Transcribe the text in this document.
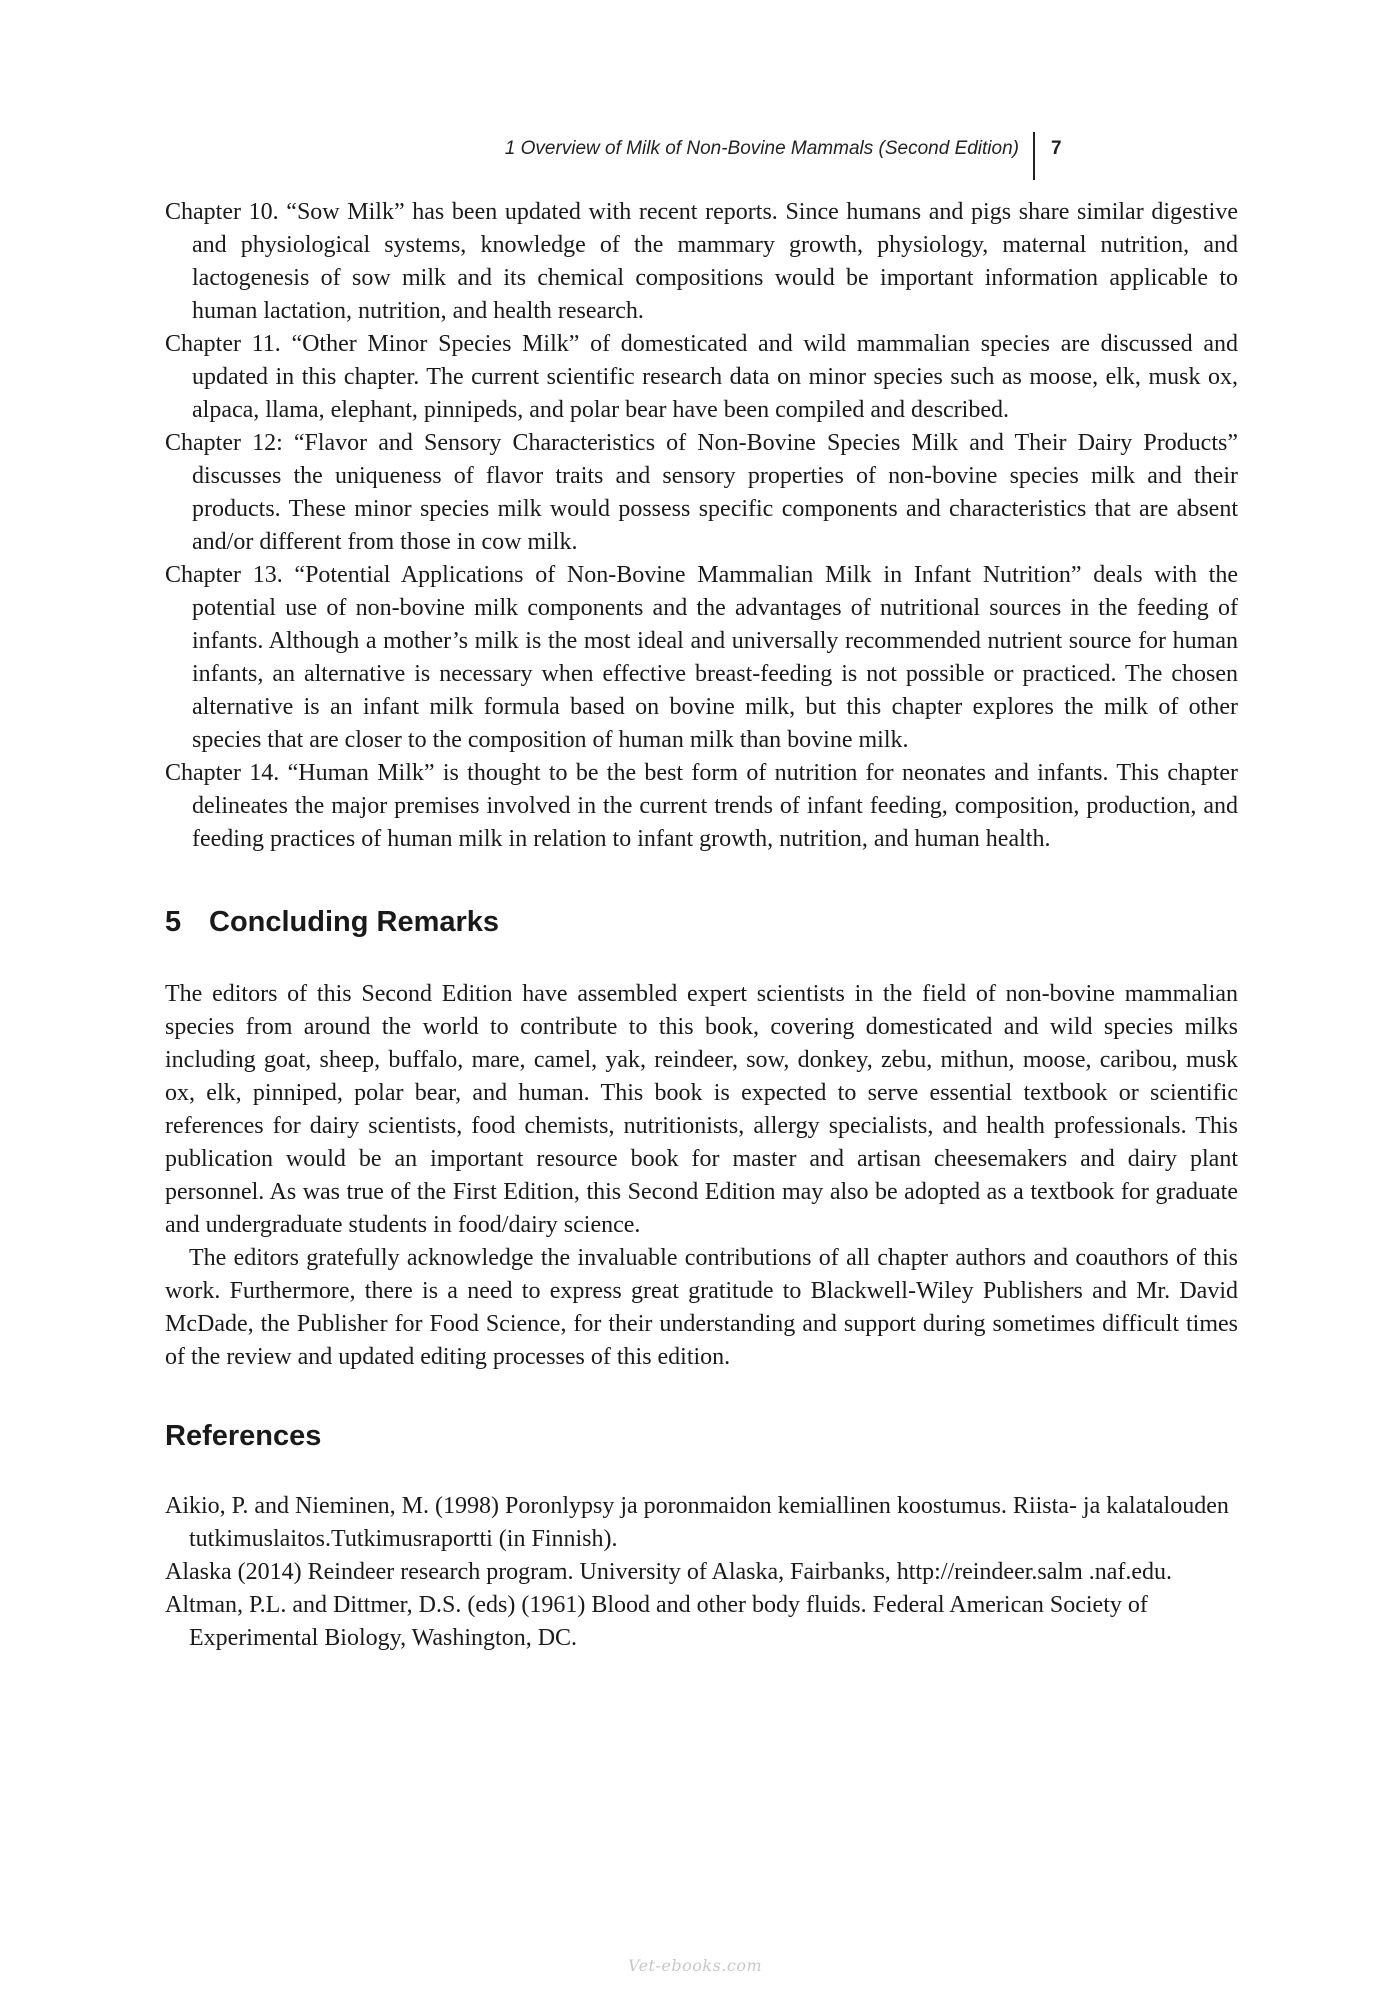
1 Overview of Milk of Non-Bovine Mammals (Second Edition)	7

Chapter 10. “Sow Milk” has been updated with recent reports. Since humans and pigs share similar digestive and physiological systems, knowledge of the mammary growth, physiology, maternal nutrition, and lactogenesis of sow milk and its chemical compositions would be important information applicable to human lactation, nutrition, and health research.

Chapter 11. “Other Minor Species Milk” of domesticated and wild mammalian species are discussed and updated in this chapter. The current scientific research data on minor species such as moose, elk, musk ox, alpaca, llama, elephant, pinnipeds, and polar bear have been compiled and described.

Chapter 12: “Flavor and Sensory Characteristics of Non-Bovine Species Milk and Their Dairy Products” discusses the uniqueness of flavor traits and sensory properties of non-bovine species milk and their products. These minor species milk would possess specific components and characteristics that are absent and/or different from those in cow milk.

Chapter 13. “Potential Applications of Non-Bovine Mammalian Milk in Infant Nutrition” deals with the potential use of non-bovine milk components and the advantages of nutritional sources in the feeding of infants. Although a mother’s milk is the most ideal and universally recommended nutrient source for human infants, an alternative is necessary when effective breast-feeding is not possible or practiced. The chosen alternative is an infant milk formula based on bovine milk, but this chapter explores the milk of other species that are closer to the composition of human milk than bovine milk.

Chapter 14. “Human Milk” is thought to be the best form of nutrition for neonates and infants. This chapter delineates the major premises involved in the current trends of infant feeding, composition, production, and feeding practices of human milk in relation to infant growth, nutrition, and human health.

5 Concluding Remarks

The editors of this Second Edition have assembled expert scientists in the field of non-bovine mammalian species from around the world to contribute to this book, covering domesticated and wild species milks including goat, sheep, buffalo, mare, camel, yak, reindeer, sow, donkey, zebu, mithun, moose, caribou, musk ox, elk, pinniped, polar bear, and human. This book is expected to serve essential textbook or scientific references for dairy scientists, food chemists, nutritionists, allergy specialists, and health professionals. This publication would be an important resource book for master and artisan cheesemakers and dairy plant personnel. As was true of the First Edition, this Second Edition may also be adopted as a textbook for graduate and undergraduate students in food/dairy science.

The editors gratefully acknowledge the invaluable contributions of all chapter authors and coauthors of this work. Furthermore, there is a need to express great gratitude to Blackwell-Wiley Publishers and Mr. David McDade, the Publisher for Food Science, for their understanding and support during sometimes difficult times of the review and updated editing processes of this edition.

References

Aikio, P. and Nieminen, M. (1998) Poronlypsy ja poronmaidon kemiallinen koostumus. Riista- ja kalatalouden tutkimuslaitos.Tutkimusraportti (in Finnish).

Alaska (2014) Reindeer research program. University of Alaska, Fairbanks, http://reindeer.salm .naf.edu.

Altman, P.L. and Dittmer, D.S. (eds) (1961) Blood and other body fluids. Federal American Society of Experimental Biology, Washington, DC.

Vet-ebooks.com
